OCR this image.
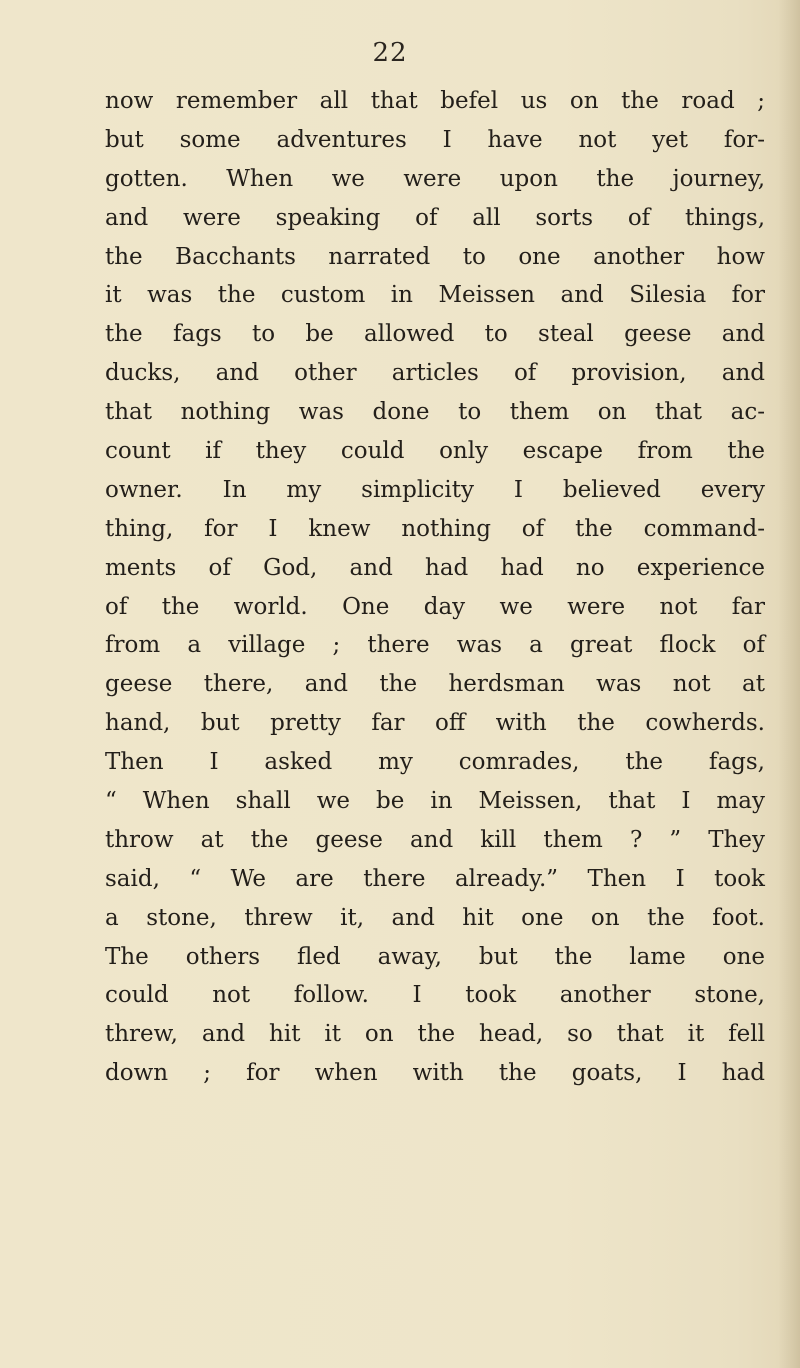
22
now remember all that befel us on the road ;
but some adventures I have not yet for-
gotten. When we were upon the journey,
and were speaking of all sorts of things,
the Bacchants narrated to one another how
it was the custom in Meissen and Silesia for
the fags to be allowed to steal geese and
ducks, and other articles of provision, and
that nothing was done to them on that ac-
count if they could only escape from the
owner. In my simplicity I believed every
thing, for I knew nothing of the command-
ments of God, and had had no experience
of the world. One day we were not far
from a village ; there was a great flock of
geese there, and the herdsman was not at
hand, but pretty far off with the cowherds.
Then I asked my comrades, the fags,
“ When shall we be in Meissen, that I may
throw at the geese and kill them ? ” They
said, “ We are there already.” Then I took
a stone, threw it, and hit one on the foot.
The others fled away, but the lame one
could not follow. I took another stone,
threw, and hit it on the head, so that it fell
down ; for when with the goats, I had
